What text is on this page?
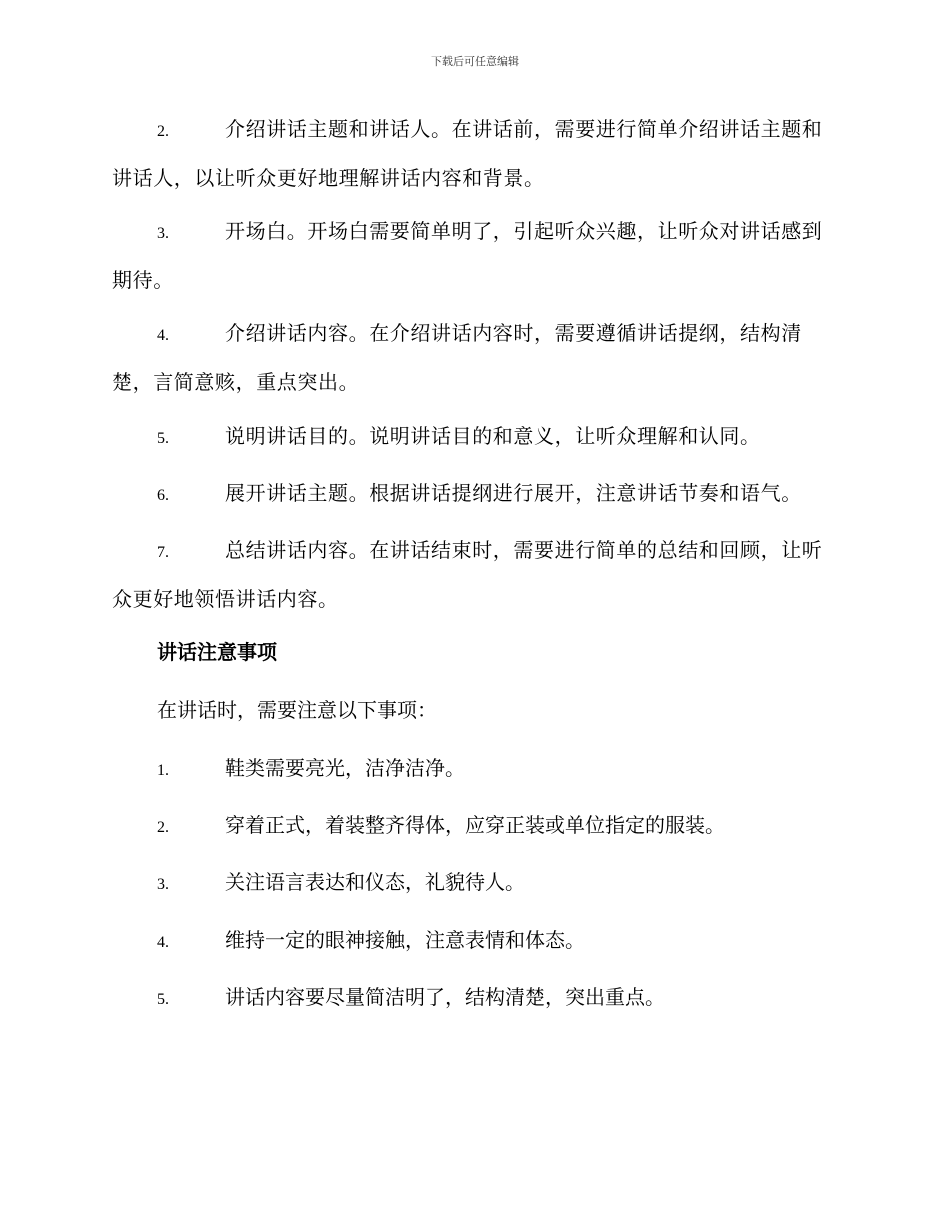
下载后可任意编辑
2.	介绍讲话主题和讲话人。在讲话前，需要进行简单介绍讲话主题和讲话人，以让听众更好地理解讲话内容和背景。
3.	开场白。开场白需要简单明了，引起听众兴趣，让听众对讲话感到期待。
4.	介绍讲话内容。在介绍讲话内容时，需要遵循讲话提纲，结构清楚，言简意赅，重点突出。
5.	说明讲话目的。说明讲话目的和意义，让听众理解和认同。
6.	展开讲话主题。根据讲话提纲进行展开，注意讲话节奏和语气。
7.	总结讲话内容。在讲话结束时，需要进行简单的总结和回顾，让听众更好地领悟讲话内容。
讲话注意事项
在讲话时，需要注意以下事项：
1.	鞋类需要亮光，洁净洁净。
2.	穿着正式，着装整齐得体，应穿正装或单位指定的服装。
3.	关注语言表达和仪态，礼貌待人。
4.	维持一定的眼神接触，注意表情和体态。
5.	讲话内容要尽量简洁明了，结构清楚，突出重点。
